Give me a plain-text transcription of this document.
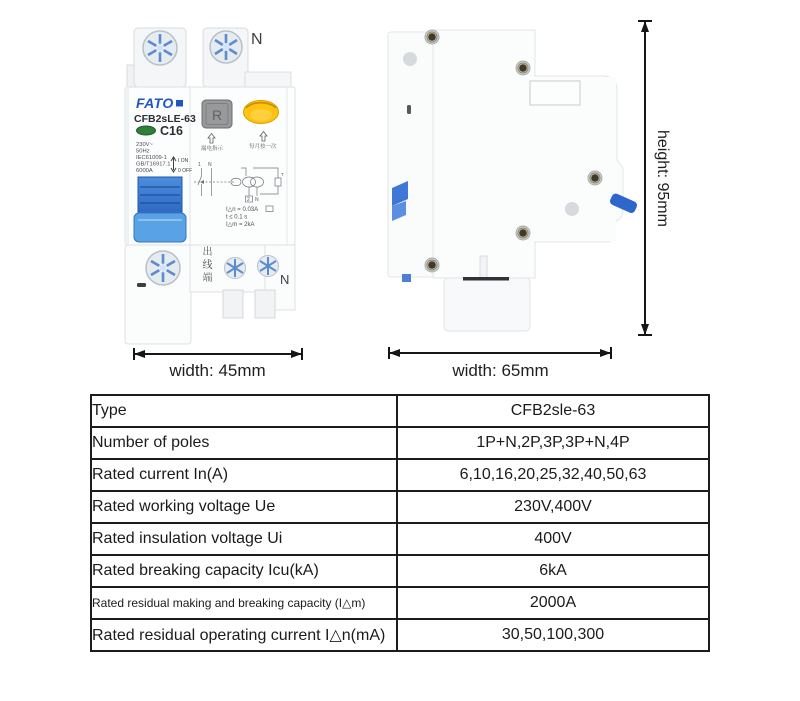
N
FATO
CFB2sLE-63
C16
230V~
50Hz
IEC61009-1
GB/T16917.1
6000A
I ON
0 OFF
R
漏电指示	每月按一次
1 N
T
2 N
I△n = 0.03A
t ≤ 0.1 s
I△m = 2kA
N
出线端
width: 45mm	width: 65mm
height: 95mm
Type	CFB2sle-63
Number of poles	1P+N,2P,3P,3P+N,4P
Rated current In(A)	6,10,16,20,25,32,40,50,63
Rated working voltage Ue	230V,400V
Rated insulation voltage Ui	400V
Rated breaking capacity Icu(kA)	6kA
Rated residual making and breaking capacity (I△m)	2000A
Rated residual operating current I△n(mA)	30,50,100,300
